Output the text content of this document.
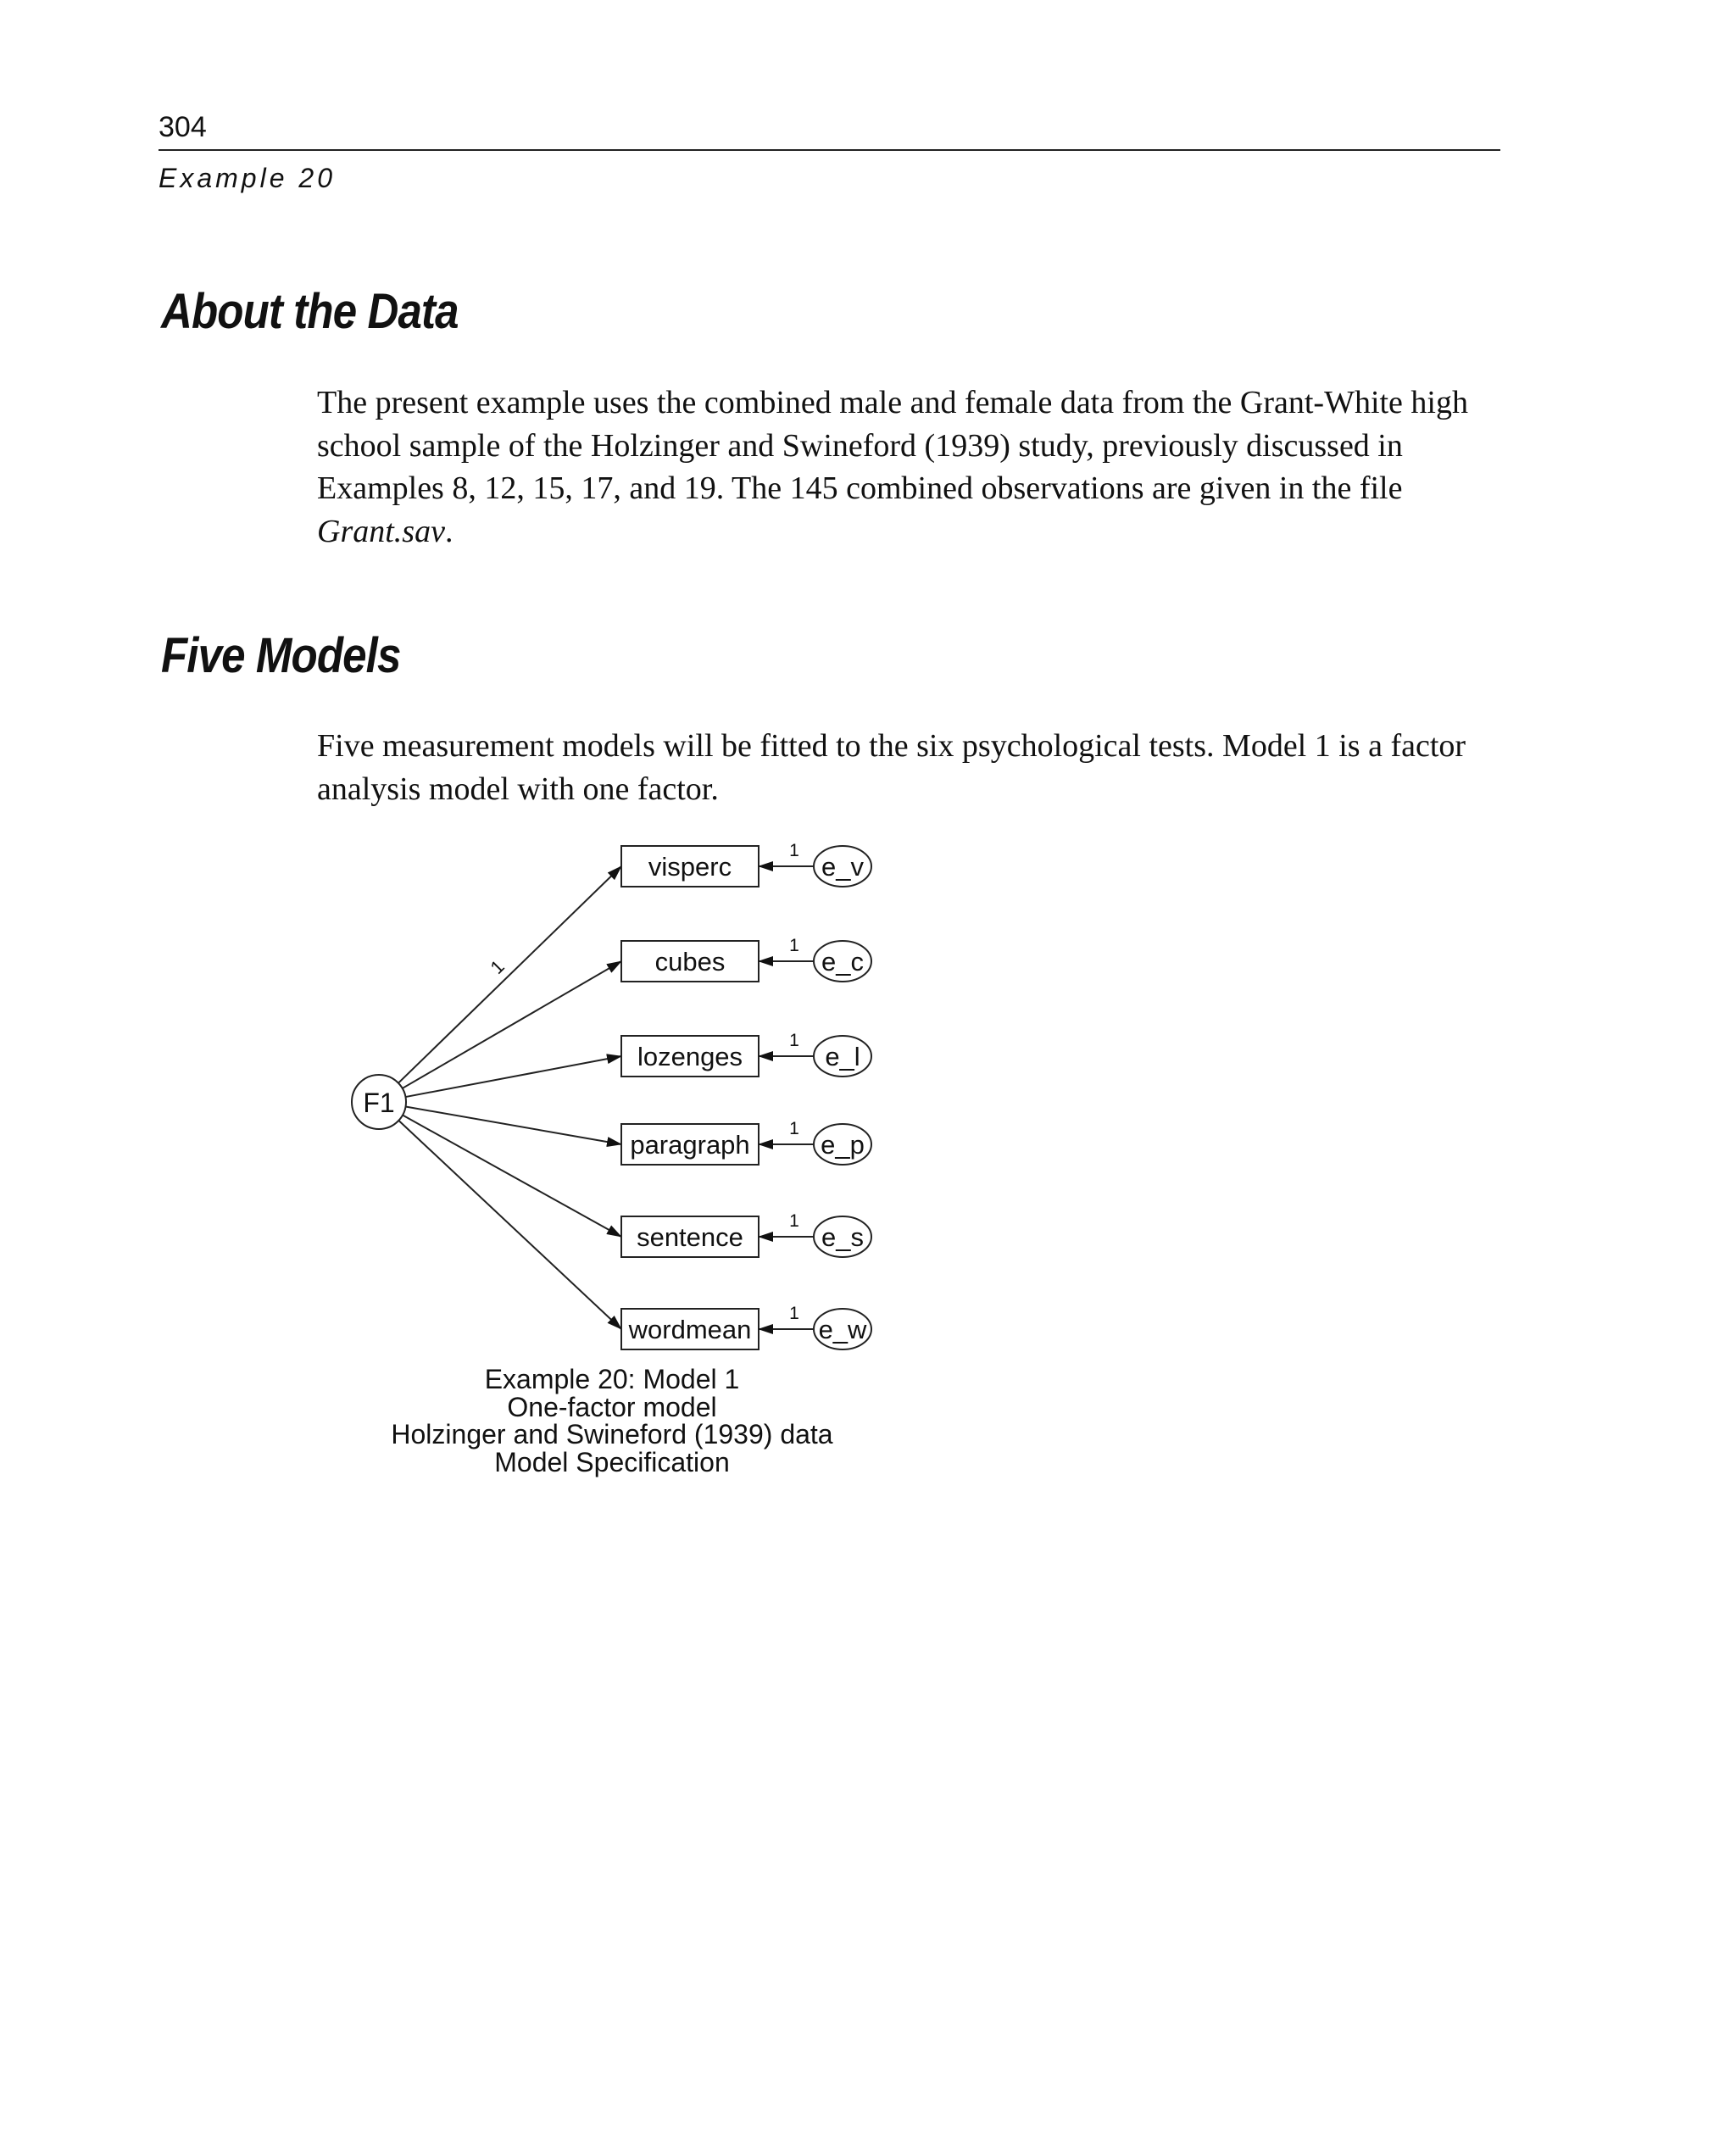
304
Example 20
About the Data

The present example uses the combined male and female data from the Grant-White high school sample of the Holzinger and Swineford (1939) study, previously discussed in Examples 8, 12, 15, 17, and 19. The 145 combined observations are given in the file Grant.sav.

Five Models

Five measurement models will be fitted to the six psychological tests. Model 1 is a factor analysis model with one factor.

F1
1
visperc
1
e_v
cubes
1
e_c
lozenges
1
e_l
paragraph
1
e_p
sentence
1
e_s
wordmean
1
e_w
Example 20: Model 1
One-factor model
Holzinger and Swineford (1939) data
Model Specification
